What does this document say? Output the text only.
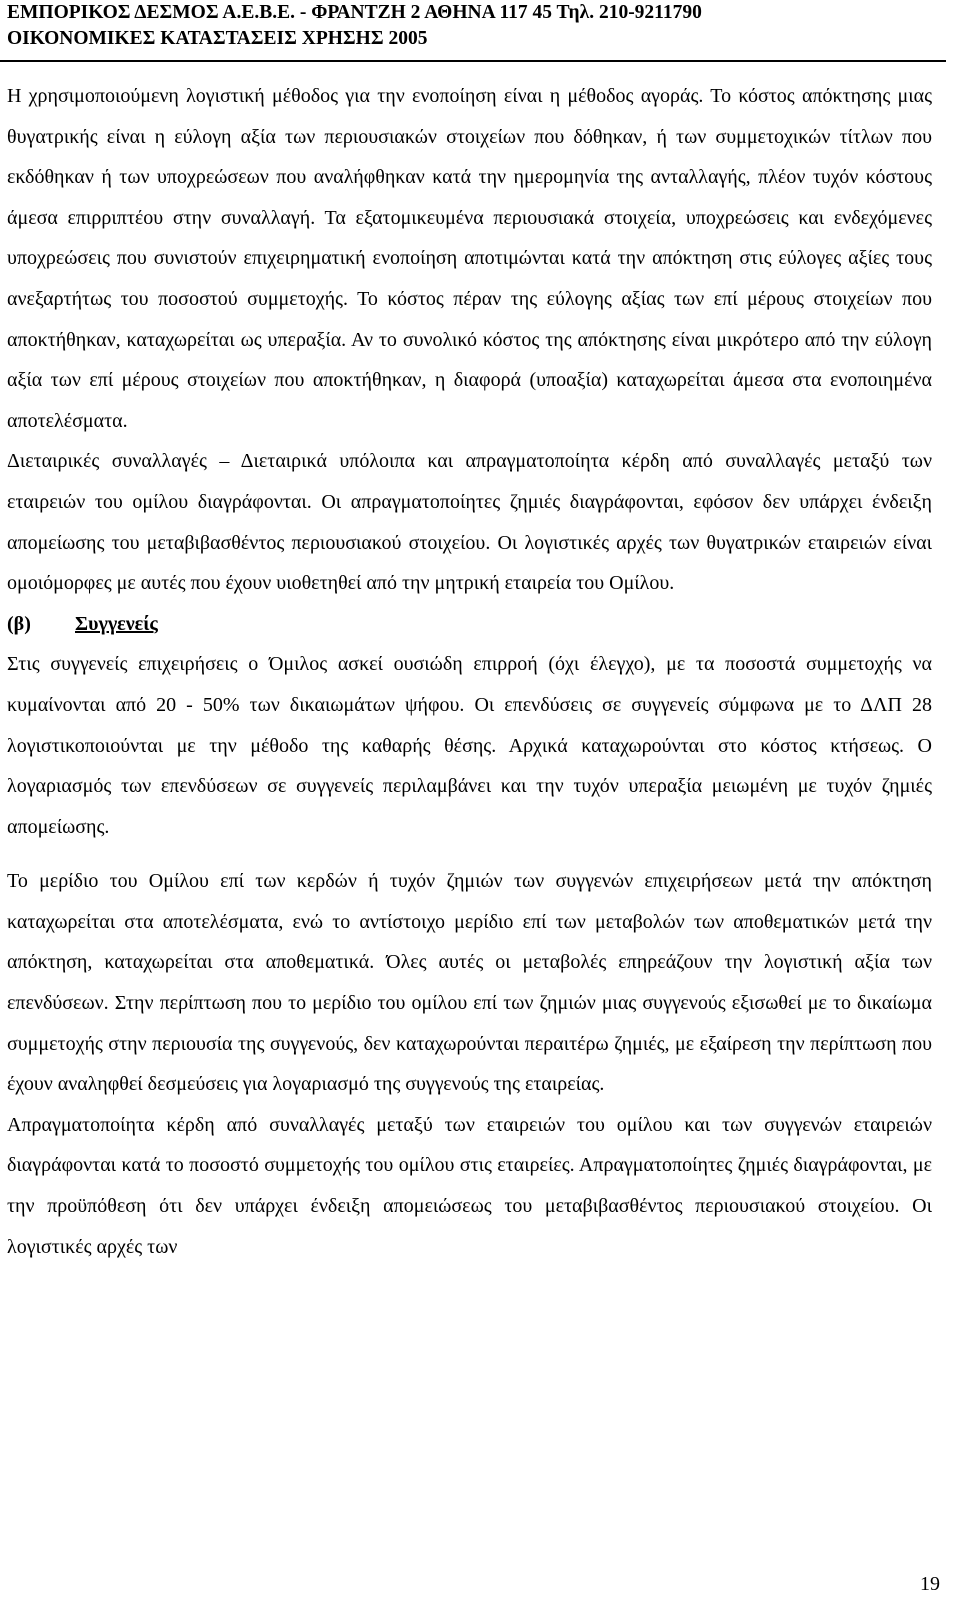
ΕΜΠΟΡΙΚΟΣ ΔΕΣΜΟΣ Α.Ε.Β.Ε. - ΦΡΑΝΤΖΗ 2 ΑΘΗΝΑ 117 45 Τηλ. 210-9211790
ΟΙΚΟΝΟΜΙΚΕΣ ΚΑΤΑΣΤΑΣΕΙΣ ΧΡΗΣΗΣ 2005

Η χρησιμοποιούμενη λογιστική μέθοδος για την ενοποίηση είναι η μέθοδος αγοράς. Το κόστος απόκτησης μιας θυγατρικής είναι η εύλογη αξία των περιουσιακών στοιχείων που δόθηκαν, ή των συμμετοχικών τίτλων που εκδόθηκαν ή των υποχρεώσεων που αναλήφθηκαν κατά την ημερομηνία της ανταλλαγής, πλέον τυχόν κόστους άμεσα επιρριπτέου στην συναλλαγή. Τα εξατομικευμένα περιουσιακά στοιχεία, υποχρεώσεις και ενδεχόμενες υποχρεώσεις που συνιστούν επιχειρηματική ενοποίηση αποτιμώνται κατά την απόκτηση στις εύλογες αξίες τους ανεξαρτήτως του ποσοστού συμμετοχής. Το κόστος πέραν της εύλογης αξίας των επί μέρους στοιχείων που αποκτήθηκαν, καταχωρείται ως υπεραξία. Αν το συνολικό κόστος της απόκτησης είναι μικρότερο από την εύλογη αξία των επί μέρους στοιχείων που αποκτήθηκαν, η διαφορά (υποαξία) καταχωρείται άμεσα στα ενοποιημένα αποτελέσματα.

Διεταιρικές συναλλαγές – Διεταιρικά υπόλοιπα και απραγματοποίητα κέρδη από συναλλαγές μεταξύ των εταιρειών του ομίλου διαγράφονται. Οι απραγματοποίητες ζημιές διαγράφονται, εφόσον δεν υπάρχει ένδειξη απομείωσης του μεταβιβασθέντος περιουσιακού στοιχείου. Οι λογιστικές αρχές των θυγατρικών εταιρειών είναι ομοιόμορφες με αυτές που έχουν υιοθετηθεί από την μητρική εταιρεία του Ομίλου.

(β) Συγγενείς

Στις συγγενείς επιχειρήσεις ο Όμιλος ασκεί ουσιώδη επιρροή (όχι έλεγχο), με τα ποσοστά συμμετοχής να κυμαίνονται από 20 - 50% των δικαιωμάτων ψήφου. Οι επενδύσεις σε συγγενείς σύμφωνα με το ΔΛΠ 28 λογιστικοποιούνται με την μέθοδο της καθαρής θέσης. Αρχικά καταχωρούνται στο κόστος κτήσεως. Ο λογαριασμός των επενδύσεων σε συγγενείς περιλαμβάνει και την τυχόν υπεραξία μειωμένη με τυχόν ζημιές απομείωσης.

Το μερίδιο του Ομίλου επί των κερδών ή τυχόν ζημιών των συγγενών επιχειρήσεων μετά την απόκτηση καταχωρείται στα αποτελέσματα, ενώ το αντίστοιχο μερίδιο επί των μεταβολών των αποθεματικών μετά την απόκτηση, καταχωρείται στα αποθεματικά. Όλες αυτές οι μεταβολές επηρεάζουν την λογιστική αξία των επενδύσεων. Στην περίπτωση που το μερίδιο του ομίλου επί των ζημιών μιας συγγενούς εξισωθεί με το δικαίωμα συμμετοχής στην περιουσία της συγγενούς, δεν καταχωρούνται περαιτέρω ζημιές, με εξαίρεση την περίπτωση που έχουν αναληφθεί δεσμεύσεις για λογαριασμό της συγγενούς της εταιρείας.

Απραγματοποίητα κέρδη από συναλλαγές μεταξύ των εταιρειών του ομίλου και των συγγενών εταιρειών διαγράφονται κατά το ποσοστό συμμετοχής του ομίλου στις εταιρείες. Απραγματοποίητες ζημιές διαγράφονται, με την προϋπόθεση ότι δεν υπάρχει ένδειξη απομειώσεως του μεταβιβασθέντος περιουσιακού στοιχείου. Οι λογιστικές αρχές των

19
